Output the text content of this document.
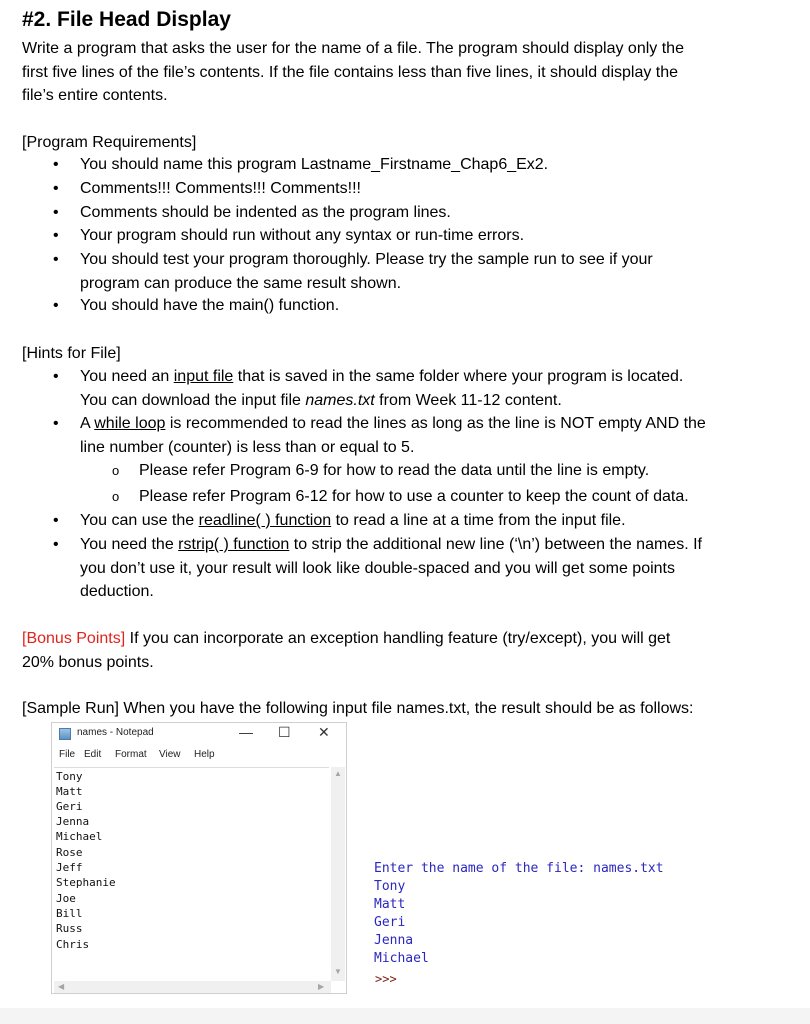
#2. File Head Display
Write a program that asks the user for the name of a file. The program should display only the
first five lines of the file’s contents. If the file contains less than five lines, it should display the
file’s entire contents.
[Program Requirements]
• You should name this program Lastname_Firstname_Chap6_Ex2.
• Comments!!! Comments!!! Comments!!!
• Comments should be indented as the program lines.
• Your program should run without any syntax or run-time errors.
• You should test your program thoroughly. Please try the sample run to see if your
program can produce the same result shown.
• You should have the main() function.
[Hints for File]
• You need an input file that is saved in the same folder where your program is located.
You can download the input file names.txt from Week 11-12 content.
• A while loop is recommended to read the lines as long as the line is NOT empty AND the
line number (counter) is less than or equal to 5.
o Please refer Program 6-9 for how to read the data until the line is empty.
o Please refer Program 6-12 for how to use a counter to keep the count of data.
• You can use the readline( ) function to read a line at a time from the input file.
• You need the rstrip( ) function to strip the additional new line (‘\n’) between the names. If
you don’t use it, your result will look like double-spaced and you will get some points
deduction.
[Bonus Points] If you can incorporate an exception handling feature (try/except), you will get
20% bonus points.
[Sample Run] When you have the following input file names.txt, the result should be as follows:
names - Notepad	— ☐ ✕
File Edit Format View Help
Tony
Matt
Geri
Jenna
Michael
Rose
Jeff
Stephanie
Joe
Bill
Russ
Chris
▲
▼
◀	▶
Enter the name of the file: names.txt
Tony
Matt
Geri
Jenna
Michael
>>>
